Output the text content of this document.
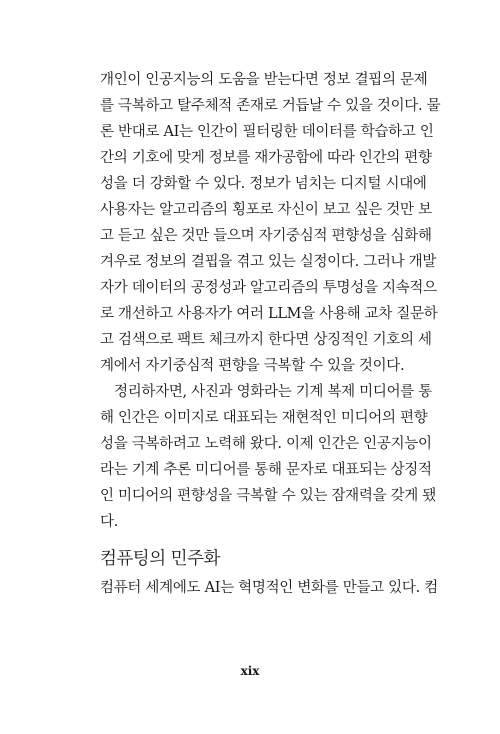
개인이 인공지능의 도움을 받는다면 정보 결핍의 문제
를 극복하고 탈주체적 존재로 거듭날 수 있을 것이다. 물
론 반대로 AI는 인간이 필터링한 데이터를 학습하고 인
간의 기호에 맞게 정보를 재가공함에 따라 인간의 편향
성을 더 강화할 수 있다. 정보가 넘치는 디지털 시대에
사용자는 알고리즘의 횡포로 자신이 보고 싶은 것만 보
고 듣고 싶은 것만 들으며 자기중심적 편향성을 심화해
겨우로 정보의 결핍을 겪고 있는 실정이다. 그러나 개발
자가 데이터의 공정성과 알고리즘의 투명성을 지속적으
로 개선하고 사용자가 여러 LLM을 사용해 교차 질문하
고 검색으로 팩트 체크까지 한다면 상징적인 기호의 세
계에서 자기중심적 편향을 극복할 수 있을 것이다.
정리하자면, 사진과 영화라는 기계 복제 미디어를 통
해 인간은 이미지로 대표되는 재현적인 미디어의 편향
성을 극복하려고 노력해 왔다. 이제 인간은 인공지능이
라는 기계 추론 미디어를 통해 문자로 대표되는 상징적
인 미디어의 편향성을 극복할 수 있는 잠재력을 갖게 됐
다.
컴퓨팅의 민주화
컴퓨터 세계에도 AI는 혁명적인 변화를 만들고 있다. 컴
xix
